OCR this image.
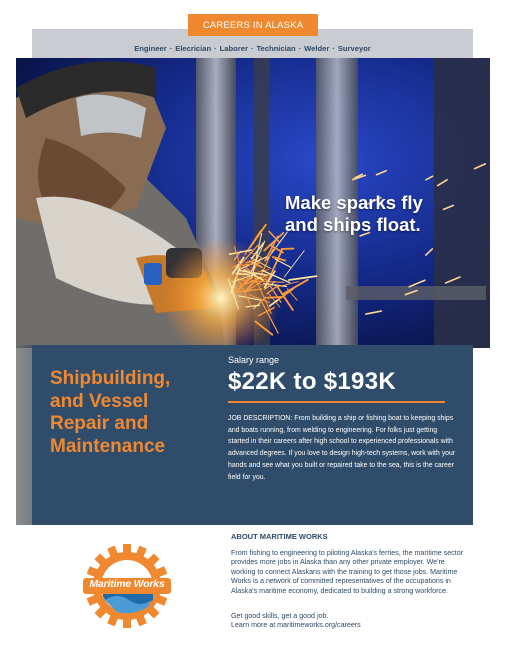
Engineer · Elecrician · Laborer · Technician · Welder · Surveyor
CAREERS IN ALASKA
Make sparks fly
and ships float.
Shipbuilding,
and Vessel
Repair and
Maintenance
Salary range
$22K to $193K
JOB DESCRIPTION: From building a ship or fishing boat to keeping ships and boats running, from welding to engineering. For folks just getting started in their careers after high school to experienced professionals with advanced degrees. If you love to design high-tech systems, work with your hands and see what you built or repaired take to the sea, this is the career field for you.
Maritime Works
ABOUT MARITIME WORKS
From fishing to engineering to piloting Alaska's ferries, the maritime sector provides more jobs in Alaska than any other private employer. We're working to connect Alaskans with the training to get those jobs. Maritime Works is a network of committed representatives of the occupations in Alaska's maritime economy, dedicated to building a strong workforce.
Get good skills, get a good job.
Learn more at maritimeworks.org/careers
